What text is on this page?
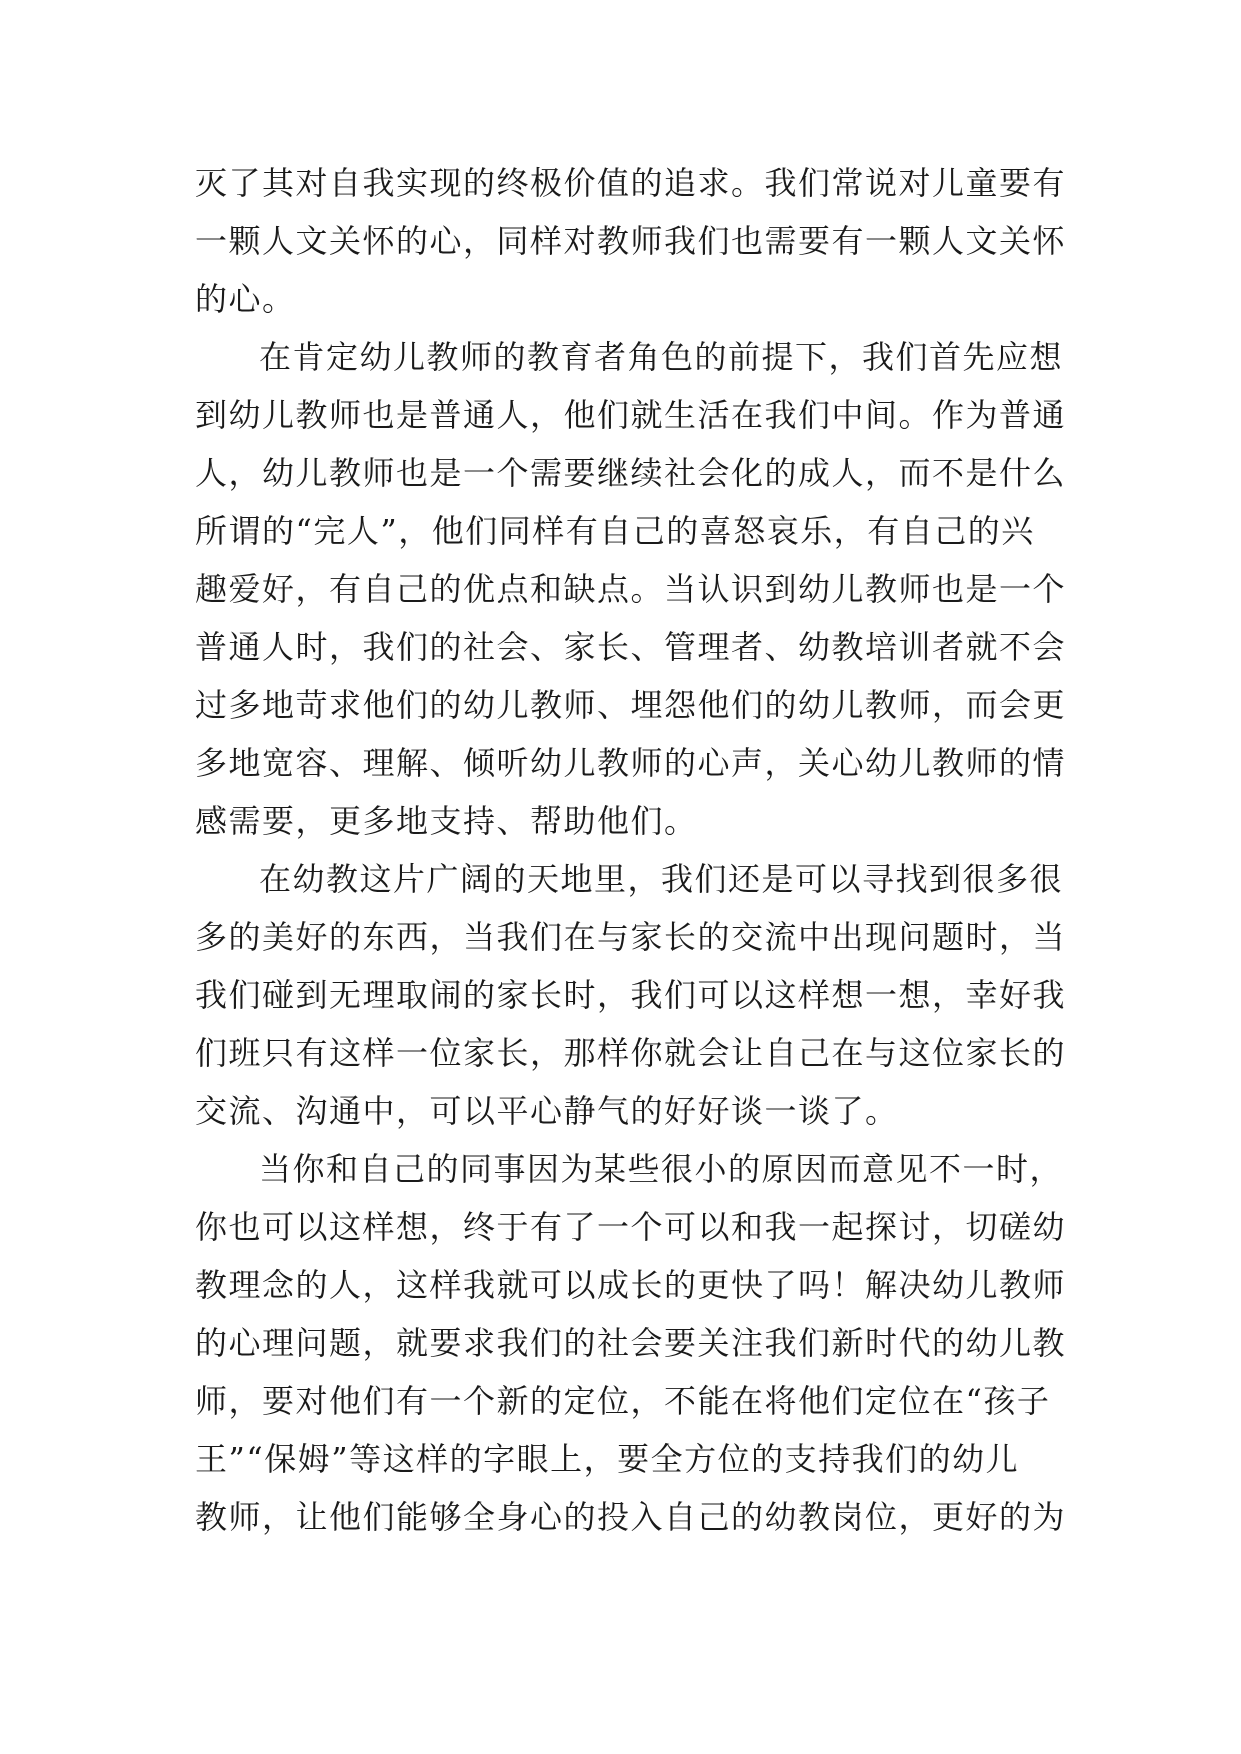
灭了其对自我实现的终极价值的追求。我们常说对儿童要有
一颗人文关怀的心，同样对教师我们也需要有一颗人文关怀
的心。
在肯定幼儿教师的教育者角色的前提下，我们首先应想
到幼儿教师也是普通人，他们就生活在我们中间。作为普通
人，幼儿教师也是一个需要继续社会化的成人，而不是什么
所谓的“完人”，他们同样有自己的喜怒哀乐，有自己的兴
趣爱好，有自己的优点和缺点。当认识到幼儿教师也是一个
普通人时，我们的社会、家长、管理者、幼教培训者就不会
过多地苛求他们的幼儿教师、埋怨他们的幼儿教师，而会更
多地宽容、理解、倾听幼儿教师的心声，关心幼儿教师的情
感需要，更多地支持、帮助他们。
在幼教这片广阔的天地里，我们还是可以寻找到很多很
多的美好的东西，当我们在与家长的交流中出现问题时，当
我们碰到无理取闹的家长时，我们可以这样想一想，幸好我
们班只有这样一位家长，那样你就会让自己在与这位家长的
交流、沟通中，可以平心静气的好好谈一谈了。
当你和自己的同事因为某些很小的原因而意见不一时，
你也可以这样想，终于有了一个可以和我一起探讨，切磋幼
教理念的人，这样我就可以成长的更快了吗！解决幼儿教师
的心理问题，就要求我们的社会要关注我们新时代的幼儿教
师，要对他们有一个新的定位，不能在将他们定位在“孩子
王”“保姆”等这样的字眼上，要全方位的支持我们的幼儿
教师，让他们能够全身心的投入自己的幼教岗位，更好的为
